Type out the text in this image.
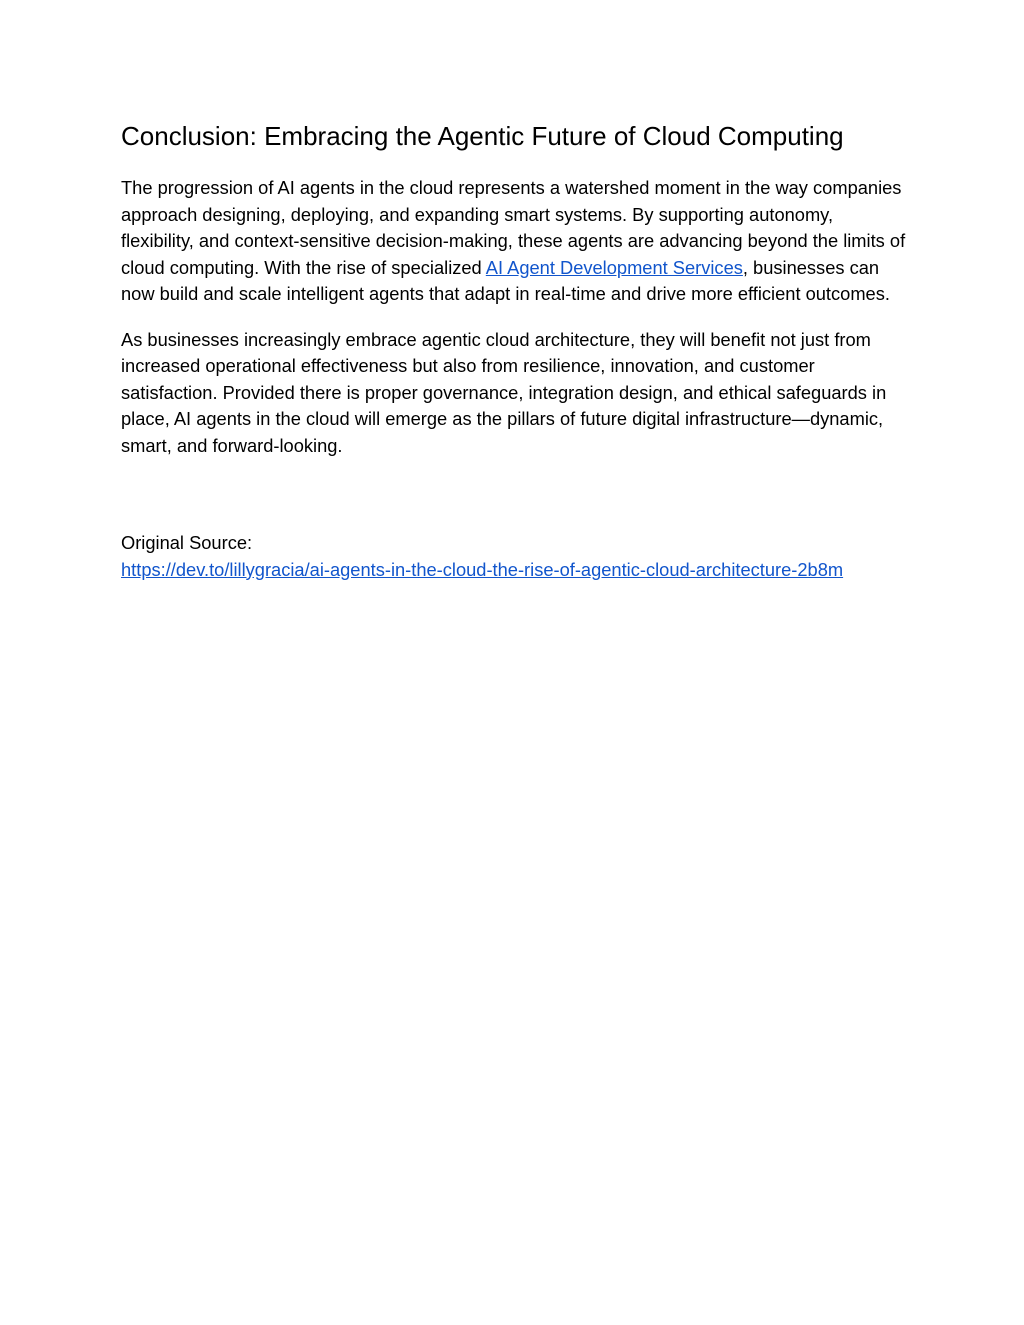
Conclusion: Embracing the Agentic Future of Cloud Computing

The progression of AI agents in the cloud represents a watershed moment in the way companies approach designing, deploying, and expanding smart systems. By supporting autonomy, flexibility, and context-sensitive decision-making, these agents are advancing beyond the limits of cloud computing. With the rise of specialized AI Agent Development Services, businesses can now build and scale intelligent agents that adapt in real-time and drive more efficient outcomes.

As businesses increasingly embrace agentic cloud architecture, they will benefit not just from increased operational effectiveness but also from resilience, innovation, and customer satisfaction. Provided there is proper governance, integration design, and ethical safeguards in place, AI agents in the cloud will emerge as the pillars of future digital infrastructure—dynamic, smart, and forward-looking.

Original Source:
https://dev.to/lillygracia/ai-agents-in-the-cloud-the-rise-of-agentic-cloud-architecture-2b8m
